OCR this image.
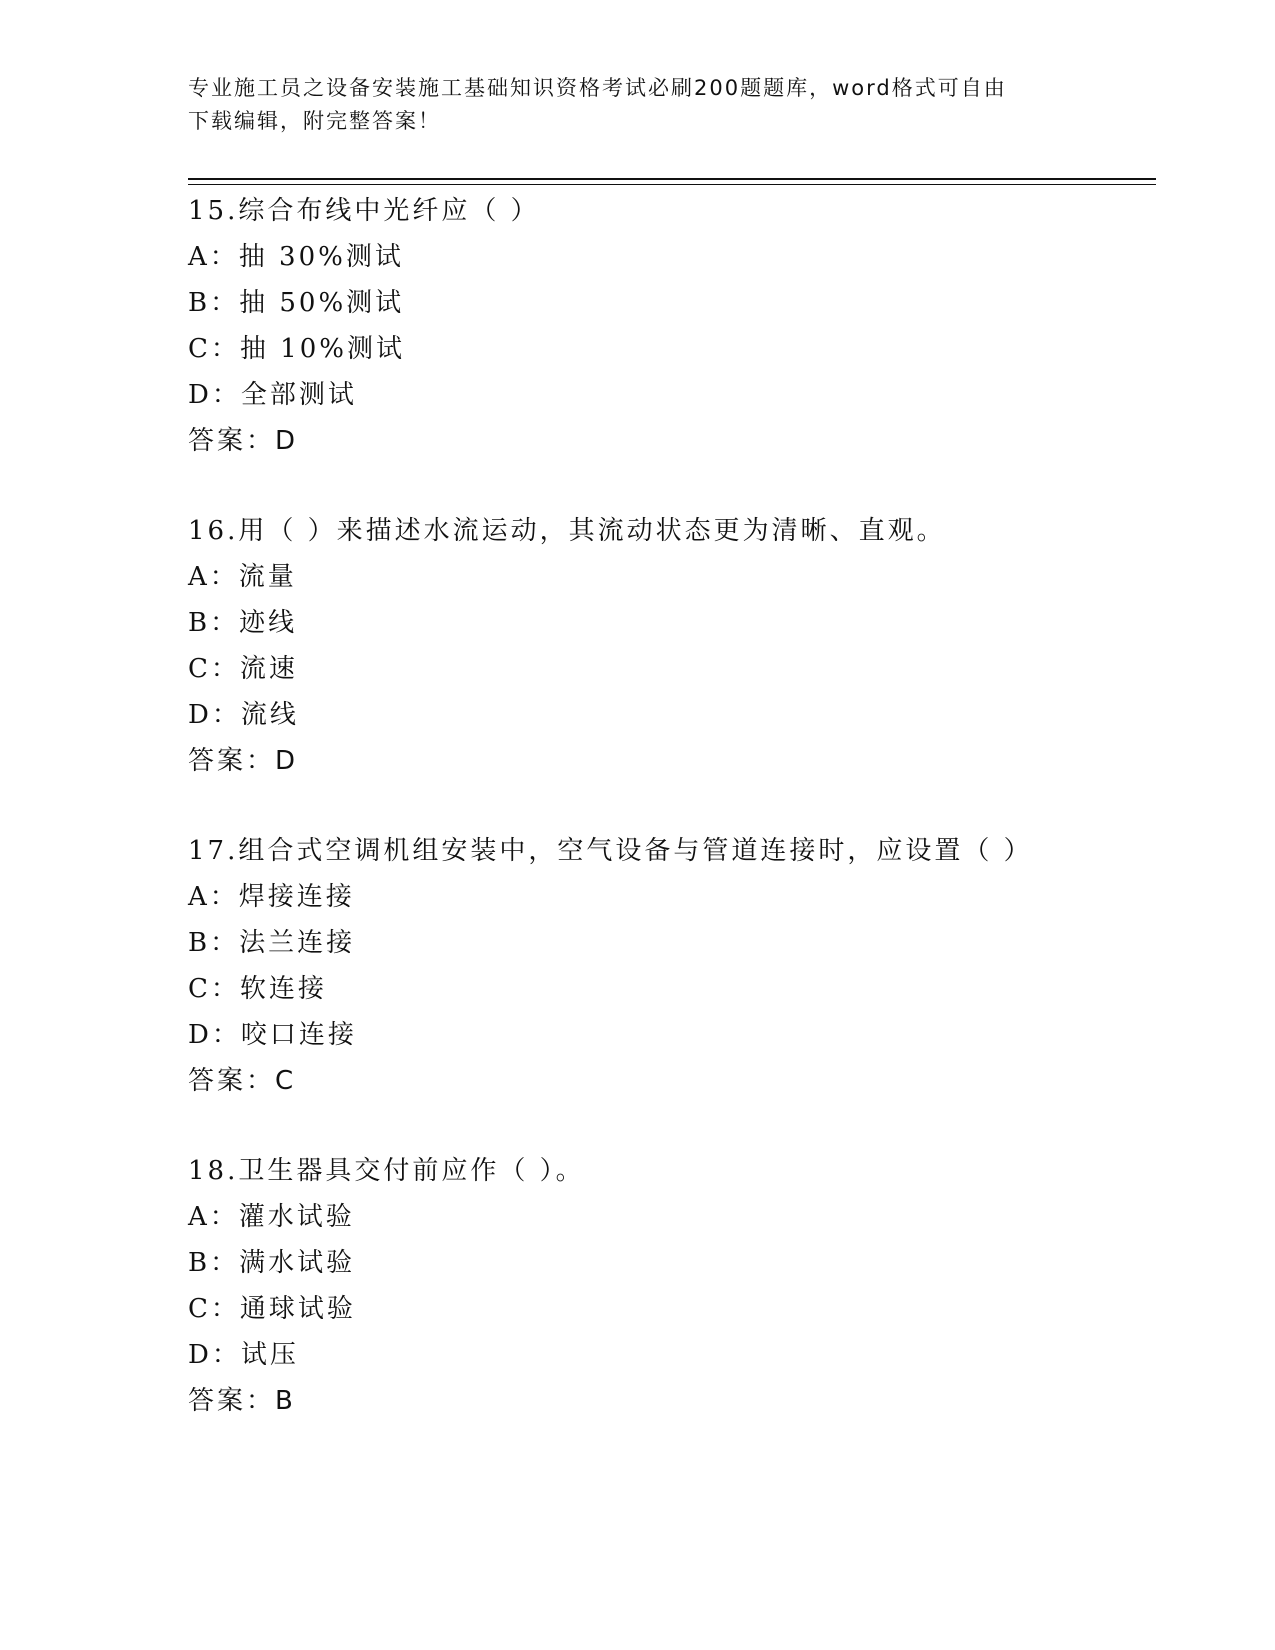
专业施工员之设备安装施工基础知识资格考试必刷200题题库，word格式可自由
下载编辑，附完整答案！
15.综合布线中光纤应（ ）
A：抽 30%测试
B：抽 50%测试
C：抽 10%测试
D：全部测试
答案：D
16.用（ ）来描述水流运动，其流动状态更为清晰、直观。
A：流量
B：迹线
C：流速
D：流线
答案：D
17.组合式空调机组安装中，空气设备与管道连接时，应设置（ ）
A：焊接连接
B：法兰连接
C：软连接
D：咬口连接
答案：C
18.卫生器具交付前应作（ ）。
A：灌水试验
B：满水试验
C：通球试验
D：试压
答案：B
